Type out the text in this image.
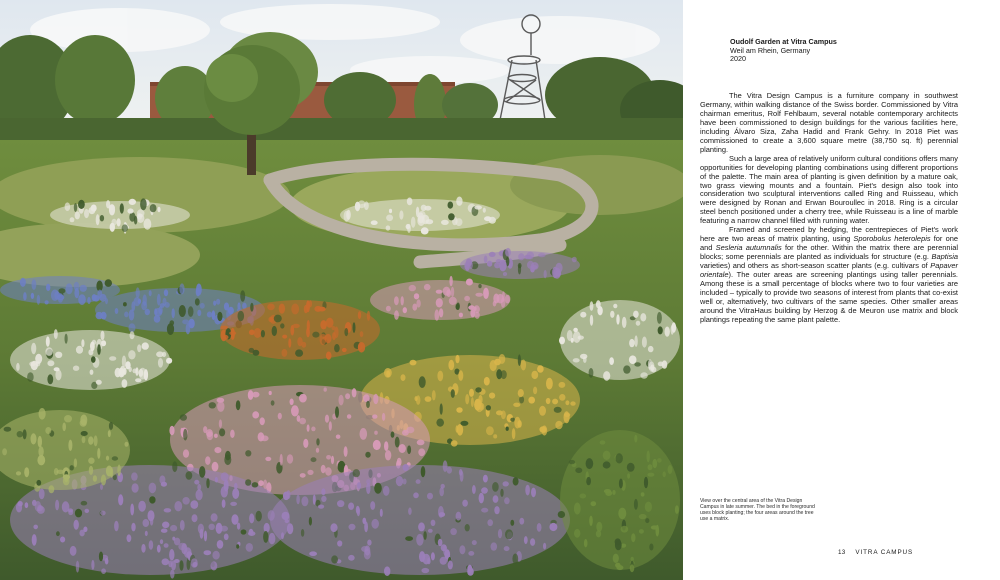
Oudolf Garden at Vitra Campus
Weil am Rhein, Germany
2020

The Vitra Design Campus is a furniture company in southwest Germany, within walking distance of the Swiss border. Commissioned by Vitra chairman emeritus, Rolf Fehlbaum, several notable contemporary architects have been commissioned to design buildings for the various facilities here, including Álvaro Siza, Zaha Hadid and Frank Gehry. In 2018 Piet was commissioned to create a 3,600 square metre (38,750 sq. ft) perennial planting.

Such a large area of relatively uniform cultural conditions offers many opportunities for developing planting combinations using different proportions of the palette. The main area of planting is given definition by a mature oak, two grass viewing mounts and a fountain. Piet's design also took into consideration two sculptural interventions called Ring and Ruisseau, which were designed by Ronan and Erwan Bouroullec in 2018. Ring is a circular steel bench positioned under a cherry tree, while Ruisseau is a line of marble featuring a narrow channel filled with running water.

Framed and screened by hedging, the centrepieces of Piet's work here are two areas of matrix planting, using Sporobolus heterolepis for one and Sesleria autumnalis for the other. Within the matrix there are perennial blocks; some perennials are planted as individuals for structure (e.g. Baptisia varieties) and others as short-season scatter plants (e.g. cultivars of Papaver orientale). The outer areas are screening plantings using taller perennials. Among these is a small percentage of blocks where two to four varieties are included – typically to provide two seasons of interest from plants that co-exist well or, alternatively, two cultivars of the same species. Other smaller areas around the VitraHaus building by Herzog & de Meuron use matrix and block plantings repeating the same plant palette.

View over the central area of the Vitra Design Campus in late summer. The bed in the foreground uses block planting; the four areas around the tree use a matrix.
13 VITRA CAMPUS
